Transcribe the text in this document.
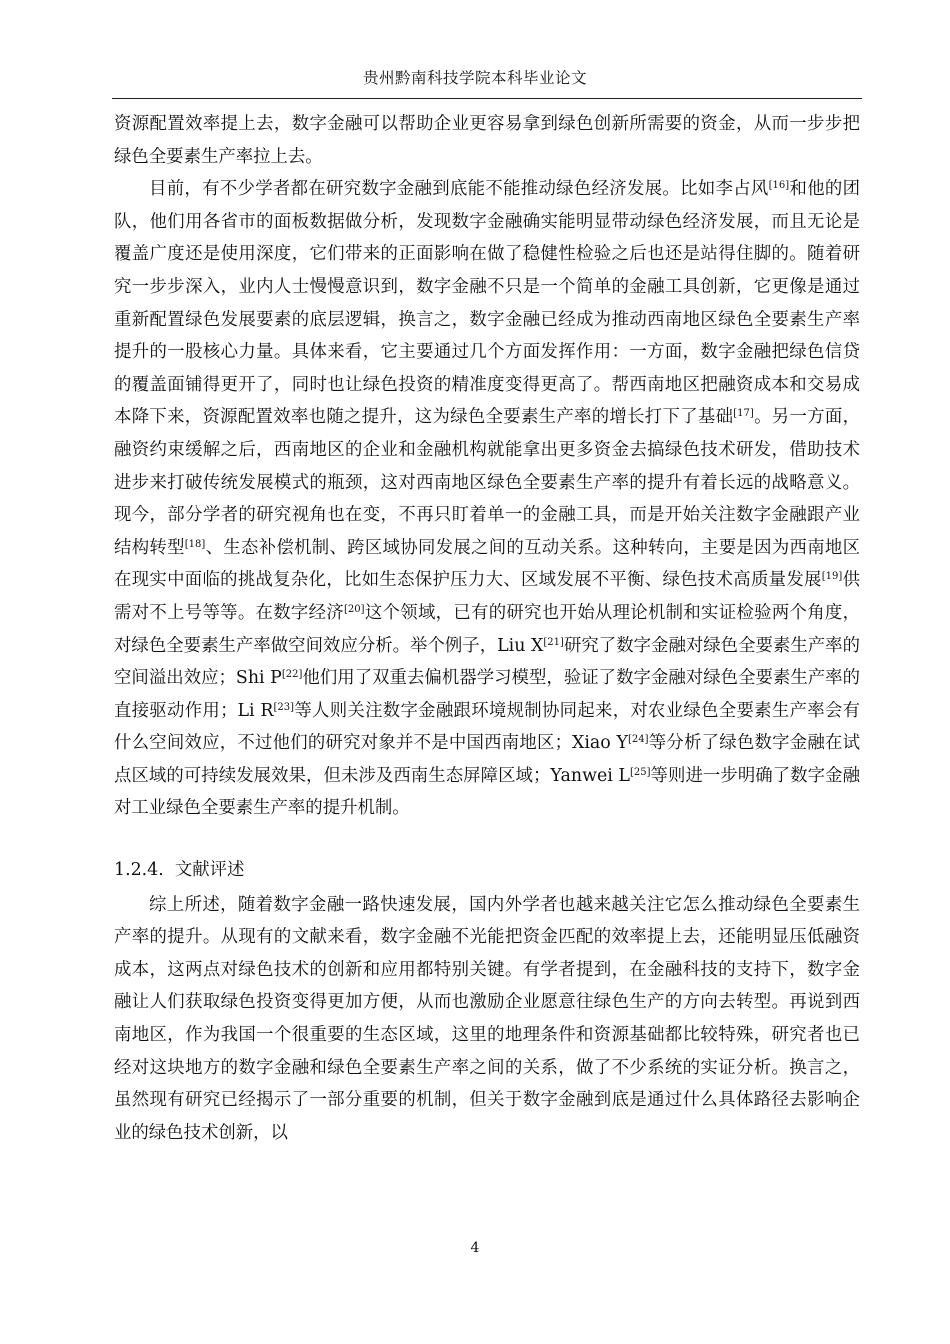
贵州黔南科技学院本科毕业论文

资源配置效率提上去，数字金融可以帮助企业更容易拿到绿色创新所需要的资金，从而一步步把绿色全要素生产率拉上去。

目前，有不少学者都在研究数字金融到底能不能推动绿色经济发展。比如李占风[16]和他的团队，他们用各省市的面板数据做分析，发现数字金融确实能明显带动绿色经济发展，而且无论是覆盖广度还是使用深度，它们带来的正面影响在做了稳健性检验之后也还是站得住脚的。随着研究一步步深入，业内人士慢慢意识到，数字金融不只是一个简单的金融工具创新，它更像是通过重新配置绿色发展要素的底层逻辑，换言之，数字金融已经成为推动西南地区绿色全要素生产率提升的一股核心力量。具体来看，它主要通过几个方面发挥作用：一方面，数字金融把绿色信贷的覆盖面铺得更开了，同时也让绿色投资的精准度变得更高了。帮西南地区把融资成本和交易成本降下来，资源配置效率也随之提升，这为绿色全要素生产率的增长打下了基础[17]。另一方面，融资约束缓解之后，西南地区的企业和金融机构就能拿出更多资金去搞绿色技术研发，借助技术进步来打破传统发展模式的瓶颈，这对西南地区绿色全要素生产率的提升有着长远的战略意义。现今，部分学者的研究视角也在变，不再只盯着单一的金融工具，而是开始关注数字金融跟产业结构转型[18]、生态补偿机制、跨区域协同发展之间的互动关系。这种转向，主要是因为西南地区在现实中面临的挑战复杂化，比如生态保护压力大、区域发展不平衡、绿色技术高质量发展[19]供需对不上号等等。在数字经济[20]这个领域，已有的研究也开始从理论机制和实证检验两个角度，对绿色全要素生产率做空间效应分析。举个例子，Liu X[21]研究了数字金融对绿色全要素生产率的空间溢出效应；Shi P[22]他们用了双重去偏机器学习模型，验证了数字金融对绿色全要素生产率的直接驱动作用；Li R[23]等人则关注数字金融跟环境规制协同起来，对农业绿色全要素生产率会有什么空间效应，不过他们的研究对象并不是中国西南地区；Xiao Y[24]等分析了绿色数字金融在试点区域的可持续发展效果，但未涉及西南生态屏障区域；Yanwei L[25]等则进一步明确了数字金融对工业绿色全要素生产率的提升机制。

1.2.4. 文献评述

综上所述，随着数字金融一路快速发展，国内外学者也越来越关注它怎么推动绿色全要素生产率的提升。从现有的文献来看，数字金融不光能把资金匹配的效率提上去，还能明显压低融资成本，这两点对绿色技术的创新和应用都特别关键。有学者提到，在金融科技的支持下，数字金融让人们获取绿色投资变得更加方便，从而也激励企业愿意往绿色生产的方向去转型。再说到西南地区，作为我国一个很重要的生态区域，这里的地理条件和资源基础都比较特殊，研究者也已经对这块地方的数字金融和绿色全要素生产率之间的关系，做了不少系统的实证分析。换言之，虽然现有研究已经揭示了一部分重要的机制，但关于数字金融到底是通过什么具体路径去影响企业的绿色技术创新，以

4
